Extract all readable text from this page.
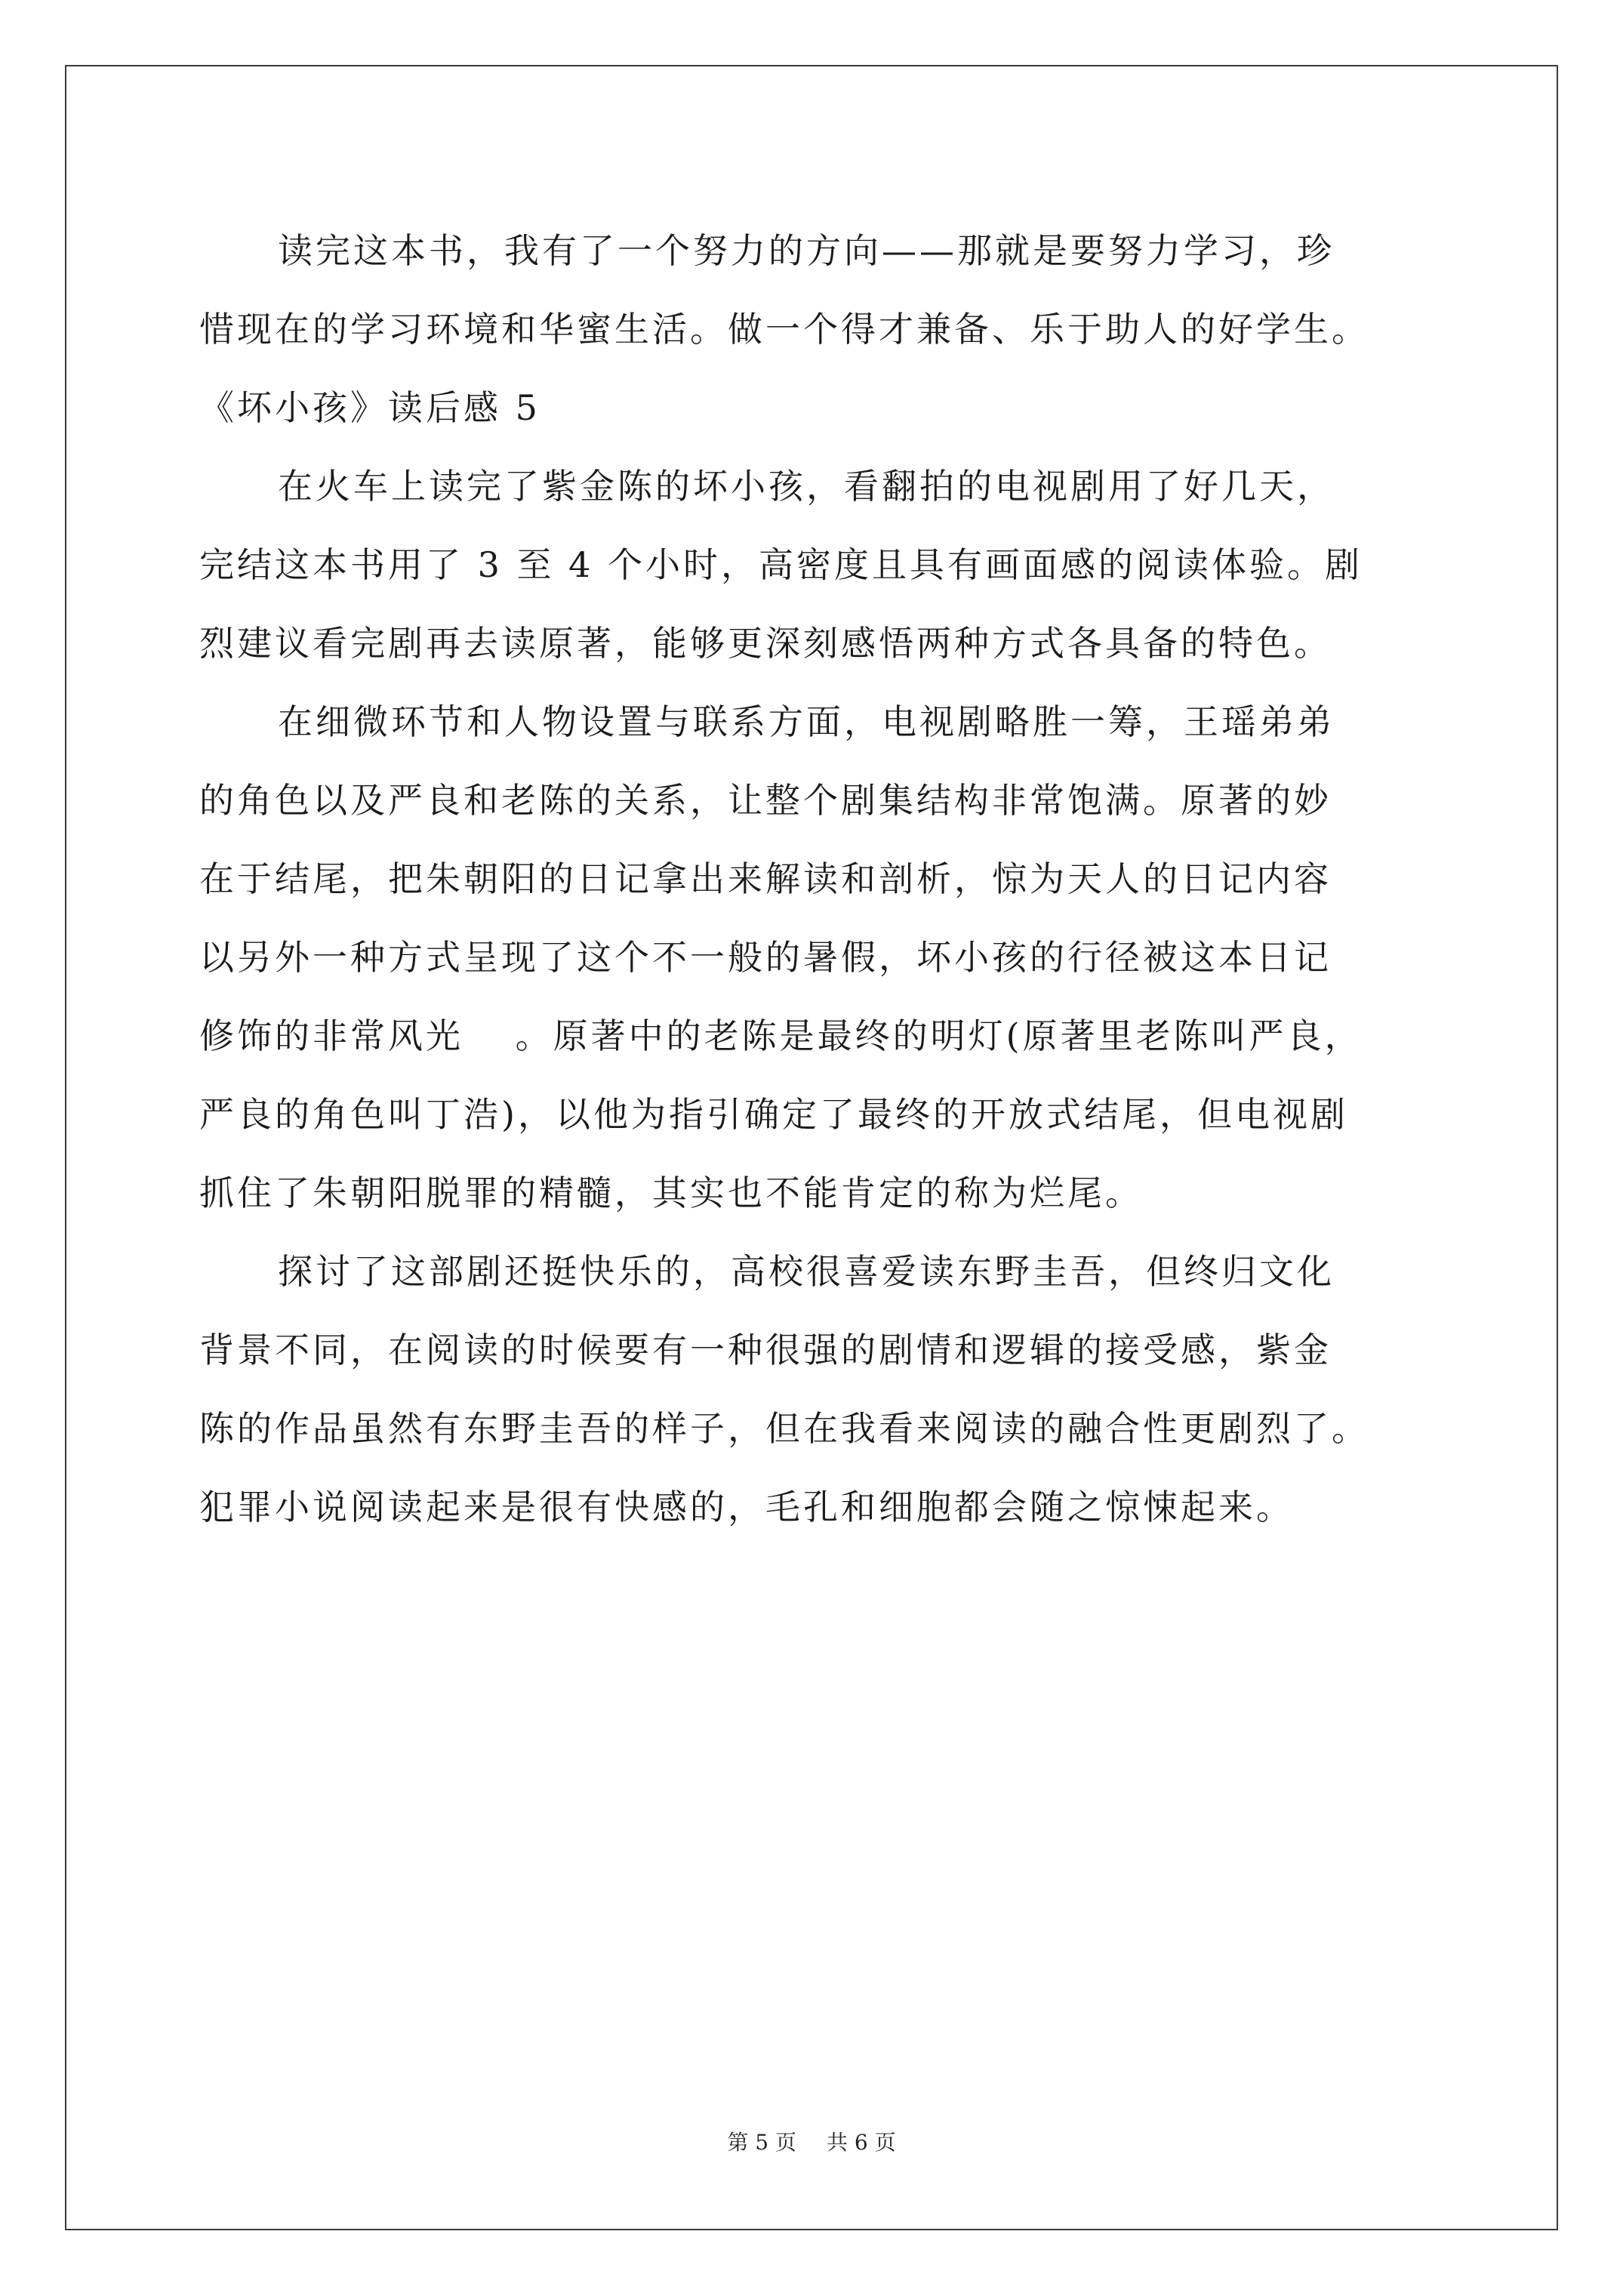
读完这本书，我有了一个努力的方向——那就是要努力学习，珍
惜现在的学习环境和华蜜生活。做一个得才兼备、乐于助人的好学生。
《坏小孩》读后感 5
在火车上读完了紫金陈的坏小孩，看翻拍的电视剧用了好几天，
完结这本书用了 3 至 4 个小时，高密度且具有画面感的阅读体验。剧
烈建议看完剧再去读原著，能够更深刻感悟两种方式各具备的特色。
在细微环节和人物设置与联系方面，电视剧略胜一筹，王瑶弟弟
的角色以及严良和老陈的关系，让整个剧集结构非常饱满。原著的妙
在于结尾，把朱朝阳的日记拿出来解读和剖析，惊为天人的日记内容
以另外一种方式呈现了这个不一般的暑假，坏小孩的行径被这本日记
修饰的非常风光　 。原著中的老陈是最终的明灯(原著里老陈叫严良，
严良的角色叫丁浩)，以他为指引确定了最终的开放式结尾，但电视剧
抓住了朱朝阳脱罪的精髓，其实也不能肯定的称为烂尾。
探讨了这部剧还挺快乐的，高校很喜爱读东野圭吾，但终归文化
背景不同，在阅读的时候要有一种很强的剧情和逻辑的接受感，紫金
陈的作品虽然有东野圭吾的样子，但在我看来阅读的融合性更剧烈了。
犯罪小说阅读起来是很有快感的，毛孔和细胞都会随之惊悚起来。
第 5 页 共 6 页
